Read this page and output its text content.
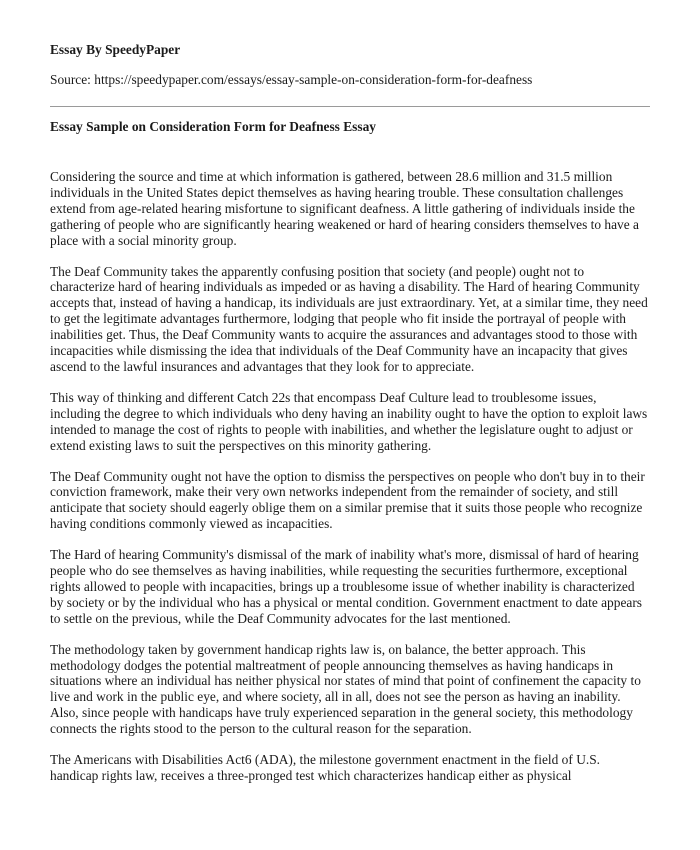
Essay By SpeedyPaper
Source: https://speedypaper.com/essays/essay-sample-on-consideration-form-for-deafness
Essay Sample on Consideration Form for Deafness Essay

Considering the source and time at which information is gathered, between 28.6 million and 31.5 million individuals in the United States depict themselves as having hearing trouble. These consultation challenges extend from age-related hearing misfortune to significant deafness. A little gathering of individuals inside the gathering of people who are significantly hearing weakened or hard of hearing considers themselves to have a place with a social minority group.

The Deaf Community takes the apparently confusing position that society (and people) ought not to characterize hard of hearing individuals as impeded or as having a disability. The Hard of hearing Community accepts that, instead of having a handicap, its individuals are just extraordinary. Yet, at a similar time, they need to get the legitimate advantages furthermore, lodging that people who fit inside the portrayal of people with inabilities get. Thus, the Deaf Community wants to acquire the assurances and advantages stood to those with incapacities while dismissing the idea that individuals of the Deaf Community have an incapacity that gives ascend to the lawful insurances and advantages that they look for to appreciate.

This way of thinking and different Catch 22s that encompass Deaf Culture lead to troublesome issues, including the degree to which individuals who deny having an inability ought to have the option to exploit laws intended to manage the cost of rights to people with inabilities, and whether the legislature ought to adjust or extend existing laws to suit the perspectives on this minority gathering.

The Deaf Community ought not have the option to dismiss the perspectives on people who don't buy in to their conviction framework, make their very own networks independent from the remainder of society, and still anticipate that society should eagerly oblige them on a similar premise that it suits those people who recognize having conditions commonly viewed as incapacities.

The Hard of hearing Community's dismissal of the mark of inability what's more, dismissal of hard of hearing people who do see themselves as having inabilities, while requesting the securities furthermore, exceptional rights allowed to people with incapacities, brings up a troublesome issue of whether inability is characterized by society or by the individual who has a physical or mental condition. Government enactment to date appears to settle on the previous, while the Deaf Community advocates for the last mentioned.

The methodology taken by government handicap rights law is, on balance, the better approach. This methodology dodges the potential maltreatment of people announcing themselves as having handicaps in situations where an individual has neither physical nor states of mind that point of confinement the capacity to live and work in the public eye, and where society, all in all, does not see the person as having an inability. Also, since people with handicaps have truly experienced separation in the general society, this methodology connects the rights stood to the person to the cultural reason for the separation.

The Americans with Disabilities Act6 (ADA), the milestone government enactment in the field of U.S. handicap rights law, receives a three-pronged test which characterizes handicap either as physical
